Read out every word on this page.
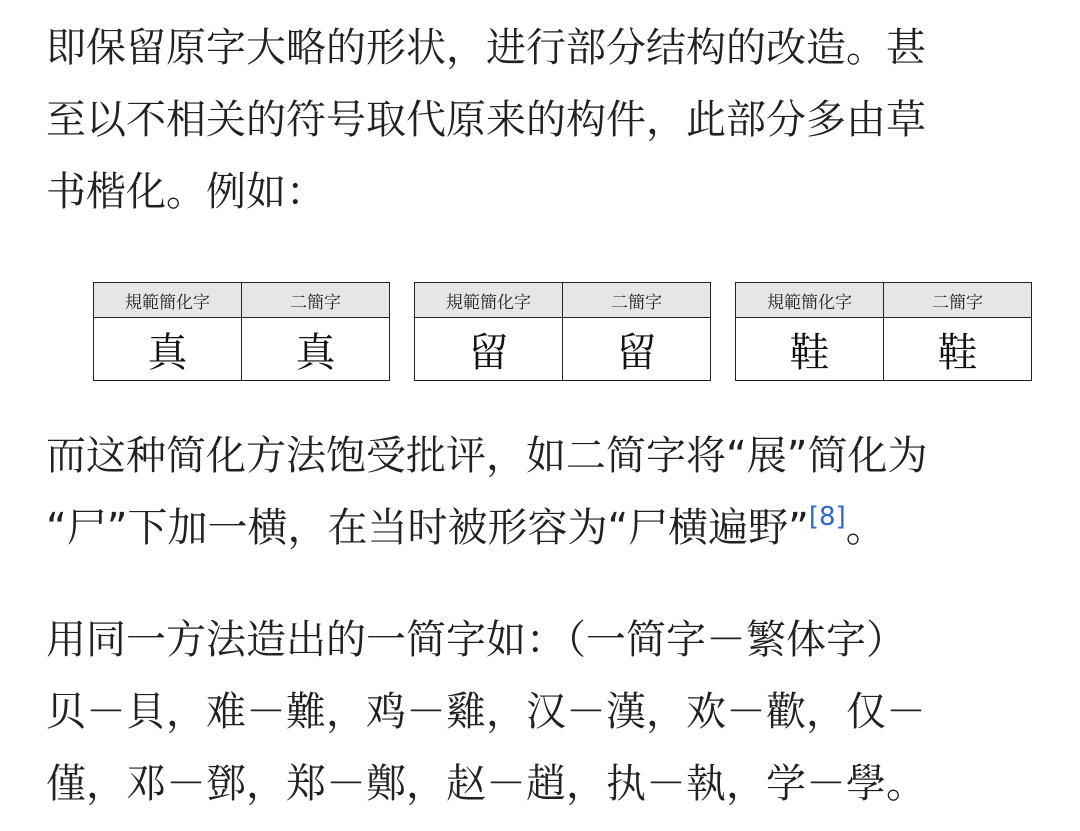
即保留原字大略的形状，进行部分结构的改造。甚
至以不相关的符号取代原来的构件，此部分多由草
书楷化。例如：
規範簡化字	二簡字
真	真
規範簡化字	二簡字
留	留
規範簡化字	二簡字
鞋	鞋
而这种简化方法饱受批评，如二简字将“展”简化为
“尸”下加一横，在当时被形容为“尸横遍野”[8]。
用同一方法造出的一简字如：（一简字－繁体字）
贝－貝，难－難，鸡－雞，汉－漢，欢－歡，仅－
僅，邓－鄧，郑－鄭，赵－趙，执－執，学－學。
